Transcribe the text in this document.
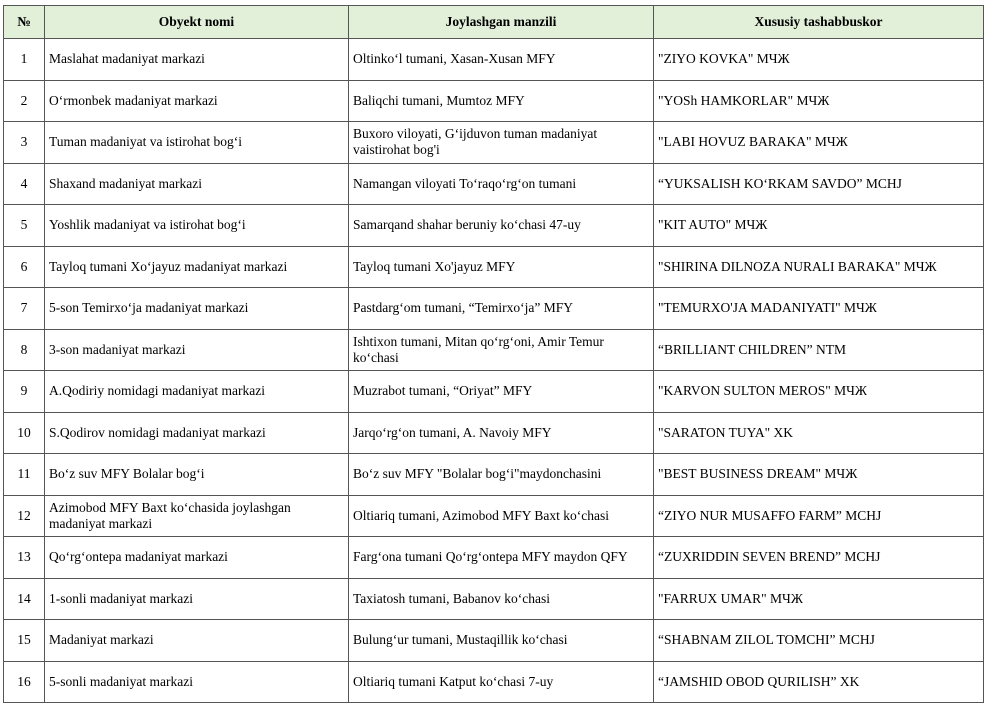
№	Obyekt nomi	Joylashgan manzili	Xususiy tashabbuskor
1	Maslahat madaniyat markazi	Oltinko‘l tumani, Xasan-Xusan MFY	"ZIYO KOVKA" МЧЖ
2	O‘rmonbek madaniyat markazi	Baliqchi tumani, Mumtoz MFY	"YOSh HAMKORLAR" МЧЖ
3	Tuman madaniyat va istirohat bog‘i	Buxoro viloyati, G‘ijduvon tuman madaniyat vaistirohat bog'i	"LABI HOVUZ BARAKA" МЧЖ
4	Shaxand madaniyat markazi	Namangan viloyati To‘raqo‘rg‘on tumani	“YUKSALISH KO‘RKAM SAVDO” MCHJ
5	Yoshlik madaniyat va istirohat bog‘i	Samarqand shahar beruniy ko‘chasi 47-uy	"KIT AUTO" МЧЖ
6	Tayloq tumani Xo‘jayuz madaniyat markazi	Tayloq tumani Xo'jayuz MFY	"SHIRINA DILNOZA NURALI BARAKA" МЧЖ
7	5-son Temirxo‘ja madaniyat markazi	Pastdarg‘om tumani, “Temirxo‘ja” MFY	"TEMURXO'JA MADANIYATI" МЧЖ
8	3-son madaniyat markazi	Ishtixon tumani, Mitan qo‘rg‘oni, Amir Temur ko‘chasi	“BRILLIANT CHILDREN” NTM
9	A.Qodiriy nomidagi madaniyat markazi	Muzrabot tumani, “Oriyat” MFY	"KARVON SULTON MEROS" МЧЖ
10	S.Qodirov nomidagi madaniyat markazi	Jarqo‘rg‘on tumani, A. Navoiy MFY	"SARATON TUYA" XK
11	Bo‘z suv MFY Bolalar bog‘i	Bo‘z suv MFY "Bolalar bog‘i"maydonchasini	"BEST BUSINESS DREAM" МЧЖ
12	Azimobod MFY Baxt ko‘chasida joylashgan madaniyat markazi	Oltiariq tumani, Azimobod MFY Baxt ko‘chasi	“ZIYO NUR MUSAFFO FARM” MCHJ
13	Qo‘rg‘ontepa madaniyat markazi	Farg‘ona tumani Qo‘rg‘ontepa MFY maydon QFY	“ZUXRIDDIN SEVEN BREND” MCHJ
14	1-sonli madaniyat markazi	Taxiatosh tumani, Babanov ko‘chasi	"FARRUX UMAR" МЧЖ
15	Madaniyat markazi	Bulung‘ur tumani, Mustaqillik ko‘chasi	“SHABNAM ZILOL TOMCHI” MCHJ
16	5-sonli madaniyat markazi	Oltiariq tumani Katput ko‘chasi 7-uy	“JAMSHID OBOD QURILISH” XK
